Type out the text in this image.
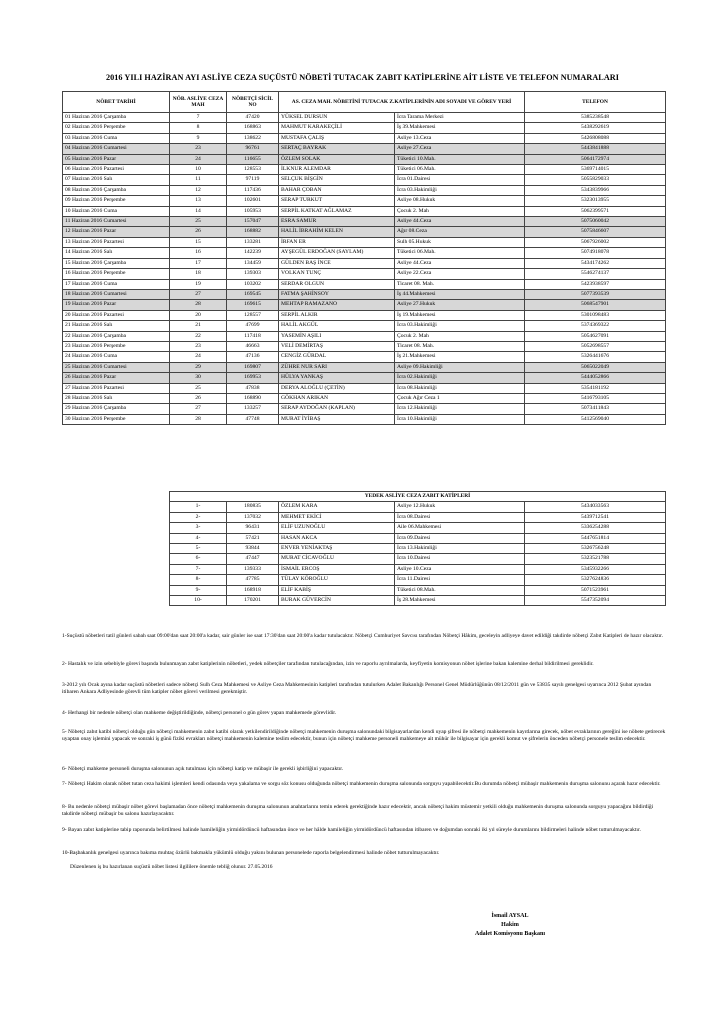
2016 YILI HAZİRAN AYI ASLİYE CEZA SUÇÜSTÜ NÖBETİ TUTACAK ZABIT KATİPLERİNE AİT LİSTE VE TELEFON NUMARALARI
NÖBET TARİHİ	NÖB. ASLİYE CEZA MAH	NÖBETÇİ SİCİL NO	AS. CEZA MAH. NÖBETİNİ TUTACAK Z.KATİPLERİNİN ADI SOYADI VE GÖREV YERİ		TELEFON
01 Haziran 2016 Çarşamba	7	47420	YÜKSEL DURSUN	İcra Tarama Merkezi	5385238548
02 Haziran 2016 Perşembe	8	168863	MAHMUT KARAKEÇİLİ	İş 39.Mahkemesi	5438292619
03 Haziran 2016 Cuma	9	138622	MUSTAFA ÇALIŞ	Asliye 13.Ceza	5426808088
04 Haziran 2016 Cumartesi	23	96761	SERTAÇ BAYRAK	Asliye 27.Ceza	5443841888
05 Haziran 2016 Pazar	24	116655	ÖZLEM SOLAK	Tüketici 10.Mah.	5064172974
06 Haziran 2016 Pazartesi	10	128553	İLKNUR ALEMDAR	Tüketici 06.Mah.	5369714015
07 Haziran 2016 Salı	11	97119	SELÇUK BİŞGİN	İcra 01.Dairesi	5055829033
08 Haziran 2016 Çarşamba	12	117436	BAHAR ÇOBAN	İcra 03.Hakimliği	5343839966
09 Haziran 2016 Perşembe	13	102601	SERAP TURKUT	Asliye 08.Hukuk	5323013955
10 Haziran 2016 Cuma	14	105953	SERPİL KATKAT AĞLAMAZ	Çocuk 2. Mah	5062399571
11 Haziran 2016 Cumartesi	25	157047	ESRA SAMUR	Asliye 44.Ceza	5075060042
12 Haziran 2016 Pazar	26	168882	HALİL İBRAHİM KELEN	Ağır 08.Ceza	5075846607
13 Haziran 2016 Pazartesi	15	133281	İRFAN ER	Sulh 05.Hukuk	5067926002
14 Haziran 2016 Salı	16	142239	AYŞEGÜL ERDOĞAN (SAYLAM)	Tüketici 06.Mah.	5074918078
15 Haziran 2016 Çarşamba	17	134459	GÜLDEN BAŞ İNCE	Asliye 44.Ceza	5434174262
16 Haziran 2016 Perşembe	18	139303	VOLKAN TUNÇ	Asliye 22.Ceza	5546274137
17 Haziran 2016 Cuma	19	103202	SERDAR OLGUN	Ticaret 08. Mah.	5423938597
18 Haziran 2016 Cumartesi	27	169545	FATMA ŞAHİNSOY	İş 44.Mahkemesi	5077393539
19 Haziran 2016 Pazar	28	169615	MEHTAP RAMAZANO	Asliye 27.Hukuk	5068547901
20 Haziran 2016 Pazartesi	20	128557	SERPİL ALKIR	İş 19.Mahkemesi	5301098483
21 Haziran 2016 Salı	21	47699	HALİL AKGÜL	İcra 03.Hakimliği	5374369322
22 Haziran 2016 Çarşamba	22	117418	YASEMİN AŞILI	Çocuk 2. Mah	5054627091
23 Haziran 2016 Perşembe	23	46663	VELİ DEMİRTAŞ	Ticaret 08. Mah.	5052698557
24 Haziran 2016 Cuma	24	47136	CENGİZ GÜRDAL	İş 21.Mahkemesi	5326441676
25 Haziran 2016 Cumartesi	29	169807	ZÜHRE NUR SARI	Asliye 09.Hakimliği	5065022049
26 Haziran 2016 Pazar	30	169953	HÜLYA YANKAŞ	İcra 02.Hakimliği	5444052866
27 Haziran 2016 Pazartesi	25	47838	DERYA ALOĞLU (ÇETİN)	İcra 08.Hakimliği	5354181192
28 Haziran 2016 Salı	26	168890	GÖKHAN ARIKAN	Çocuk Ağır Ceza 1	5416793105
29 Haziran 2016 Çarşamba	27	133257	SERAP AYDOĞAN (KAPLAN)	İcra 12.Hakimliği	5073411843
30 Haziran 2016 Perşembe	28	47748	MURAT İYİBAŞ	İcra 10.Hakimliği	5412569040
YEDEK ASLİYE CEZA ZABIT KATİPLERİ				
1-	180835	ÖZLEM KARA	Asliye 12.Hukuk	5434033563
2-	137032	MEHMET EKİCİ	İcra 08.Dairesi	5439712541
3-	96431	ELİF UZUNOĞLU	Aile 06.Mahkemesi	5336254288
4-	57421	HASAN AKCA	İcra 09.Dairesi	5447651814
5-	93844	ENVER YENİAKTAŞ	İcra 13.Hakimliği	5326756248
6-	47447	MURAT CİCAVOĞLU	İcra 10.Dairesi	5323521788
7-	139333	İSMAİL ERCOŞ	Asliye 10.Ceza	5345932266
8-	47785	TÜLAY KÖROĞLU	İcra 11.Dairesi	5327624836
9-	168918	ELİF KABİŞ	Tüketici 08.Mah.	5071523961
10-	170201	BURAK GÜVERCİN	İş 28.Mahkemesi	5547352094

1-Suçüstü nöbetleri tatil günleri sabah saat 09:00'dan saat 20:00'a kadar, sair günler ise saat 17:30'dan saat 20:00'a kadar tutulacaktır. Nöbetçi Cumhuriyet Savcısı tarafından Nöbetçi Hâkim, geceleyin adliyeye davet edildiği takdirde nöbetçi Zabıt Katipleri de hazır olacaktır.

2- Hastalık ve izin sebebiyle görevi başında bulunmayan zabıt katiplerinin nöbetleri, yedek nöbetçiler tarafından tutulacağından, izin ve raporlu ayrılmalarda, keyfiyetin komisyonun nöbet işlerine bakan kalemine derhal bildirilmesi gereklidir.

3-2012 yılı Ocak ayına kadar suçüstü nöbetleri sadece nöbetçi Sulh Ceza Mahkemesi ve Asliye Ceza Mahkemesinin katipleri tarafından tutulurken Adalet Bakanlığı Personel Genel Müdürlüğünün 08/12/2011 gün ve 53835 sayılı genelgesi uyarınca 2012 Şubat ayından itibaren Ankara Adliyesinde görevli tüm katipler nöbet görevi verilmesi gerekmiştir.

4- Herhangi bir nedenle nöbetçi olan mahkeme değiştirildiğinde, nöbetçi personel o gün görev yapan mahkemede görevlidir.

5- Nöbetçi zabıt katibi nöbetçi olduğu gün nöbetçi mahkemenin zabıt katibi olarak yetkilendirildiğinde nöbetçi mahkemenin duruşma salonundaki bilgisayarlardan kendi uyap şifresi ile nöbetçi mahkemenin kayıtlarına girecek, nöbet evraklarının gereğini ise nöbete getirecek uyaptan onay işlemini yapacak ve sonraki iş günü fiziki evrakları nöbetçi mahkemenin kalemine teslim edecektir, bunun için nöbetçi mahkeme personeli mahkemeye ait mühür ile bilgisayar için gerekli komut ve şifrelerin önceden nöbetçi personele teslim edecektir.

6- Nöbetçi mahkeme personeli duruşma salonunun açık tutulması için nöbetçi katip ve mübaşir ile gerekli işbirliğini yapacaktır.

7- Nöbetçi Hakim olarak nöbet tutan ceza hakimi işlemleri kendi odasında veya yakalama ve sorgu söz konusu olduğunda nöbetçi mahkemenin duruşma salonunda sorguyu yapabilecektir.Bu durumda nöbetçi mübaşir mahkemenin duruşma salonunu açarak hazır edecektir.

8- Bu nedenle nöbetçi mübaşir nöbet görevi başlamadan önce nöbetçi mahkemenin duruşma salonunun anahtarlarını temin ederek gerektiğinde hazır edecektir, ancak nöbetçi hakim müstemir yetkili olduğu mahkemenin duruşma salonunda sorguyu yapacağını bildirdiği takdirde nöbetçi mübaşir bu salonu hazırlayacaktır.

9- Bayan zabıt katiplerine tabip raporunda belirtilmesi halinde hamileliğin yirmidördüncü haftasından önce ve her hâlde hamileliğin yirmidördüncü haftasından itibaren ve doğumdan sonraki iki yıl süreyle durumlarını bildirmeleri halinde nöbet tutturulmayacaktır.

10-Başbakanlık genelgesi uyarınca bakıma muhtaç özürlü bakmakla yükümlü olduğu yakını bulunan personelede raporla belgelendirmesi halinde nöbet tutturulmayacaktır.

Düzenlenen iş bu hazırlanan suçüstü nöbet listesi ilgililere önemle tebliğ olunur. 27.05.2016

İsmail AYSAL
Hakim
Adalet Komisyonu Başkanı
